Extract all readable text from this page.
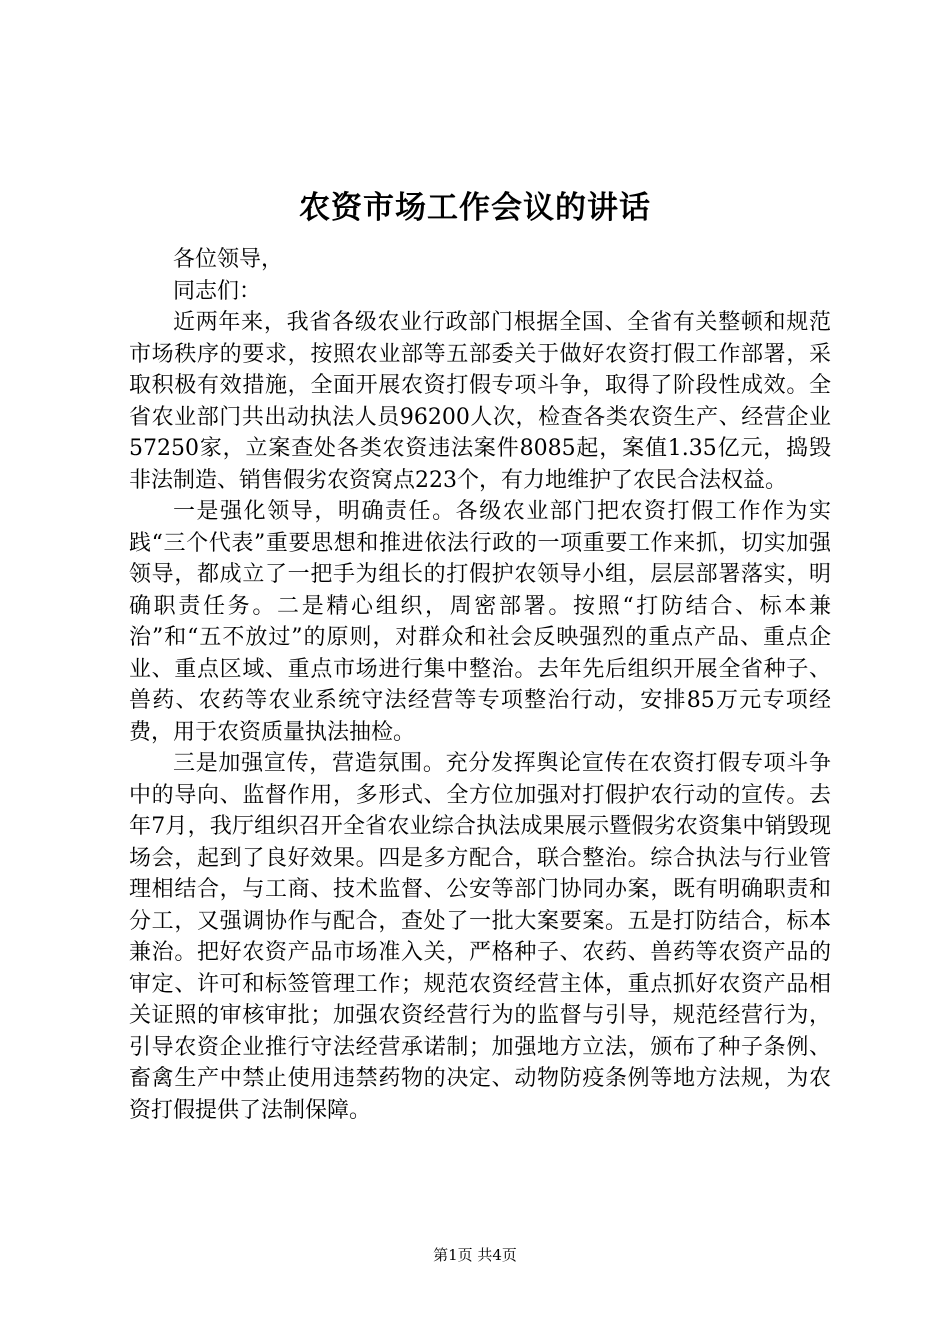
农资市场工作会议的讲话

各位领导，

同志们：

近两年来，我省各级农业行政部门根据全国、全省有关整顿和规范市场秩序的要求，按照农业部等五部委关于做好农资打假工作部署，采取积极有效措施，全面开展农资打假专项斗争，取得了阶段性成效。全省农业部门共出动执法人员96200人次，检查各类农资生产、经营企业57250家，立案查处各类农资违法案件8085起，案值1.35亿元，捣毁非法制造、销售假劣农资窝点223个，有力地维护了农民合法权益。

一是强化领导，明确责任。各级农业部门把农资打假工作作为实践“三个代表”重要思想和推进依法行政的一项重要工作来抓，切实加强领导，都成立了一把手为组长的打假护农领导小组，层层部署落实，明确职责任务。二是精心组织，周密部署。按照“打防结合、标本兼治”和“五不放过”的原则，对群众和社会反映强烈的重点产品、重点企业、重点区域、重点市场进行集中整治。去年先后组织开展全省种子、兽药、农药等农业系统守法经营等专项整治行动，安排85万元专项经费，用于农资质量执法抽检。

三是加强宣传，营造氛围。充分发挥舆论宣传在农资打假专项斗争中的导向、监督作用，多形式、全方位加强对打假护农行动的宣传。去年7月，我厅组织召开全省农业综合执法成果展示暨假劣农资集中销毁现场会，起到了良好效果。四是多方配合，联合整治。综合执法与行业管理相结合，与工商、技术监督、公安等部门协同办案，既有明确职责和分工，又强调协作与配合，查处了一批大案要案。五是打防结合，标本兼治。把好农资产品市场准入关，严格种子、农药、兽药等农资产品的审定、许可和标签管理工作；规范农资经营主体，重点抓好农资产品相关证照的审核审批；加强农资经营行为的监督与引导，规范经营行为，引导农资企业推行守法经营承诺制；加强地方立法，颁布了种子条例、畜禽生产中禁止使用违禁药物的决定、动物防疫条例等地方法规，为农资打假提供了法制保障。

第1页 共4页
